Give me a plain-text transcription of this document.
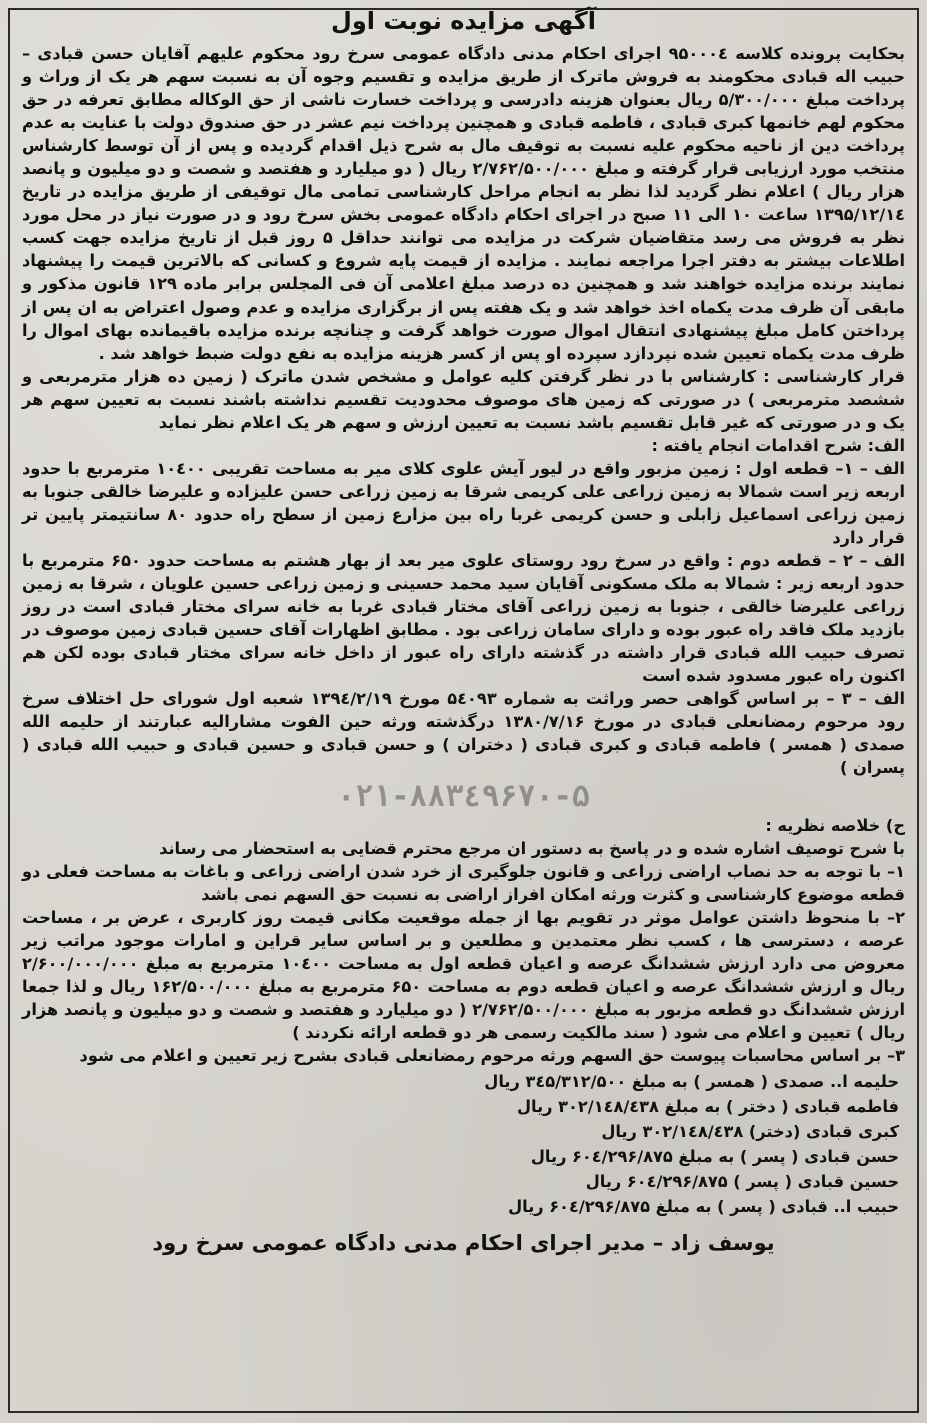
آگهی مزایده نوبت اول

بحکایت پرونده کلاسه ۹۵۰۰۰٤ اجرای احکام مدنی دادگاه عمومی سرخ رود محکوم علیهم آقایان حسن قبادی – حبیب اله قبادی محکومند به فروش ماترک از طریق مزایده و تقسیم وجوه آن به نسبت سهم هر یک از وراث و پرداخت مبلغ ۵/۳۰۰/۰۰۰ ریال بعنوان هزینه دادرسی و پرداخت خسارت ناشی از حق الوکاله مطابق تعرفه در حق محکوم لهم خانمها کبری قبادی ، فاطمه قبادی و همچنین پرداخت نیم عشر در حق صندوق دولت با عنایت به عدم پرداخت دین از ناحیه محکوم علیه نسبت به توقیف مال به شرح ذیل اقدام گردیده و پس از آن توسط کارشناس منتخب مورد ارزیابی قرار گرفته و مبلغ ۲/۷۶۲/۵۰۰/۰۰۰ ریال ( دو میلیارد و هفتصد و شصت و دو میلیون و پانصد هزار ریال ) اعلام نظر گردید لذا نظر به انجام مراحل کارشناسی تمامی مال توقیفی از طریق مزایده در تاریخ ۱۳۹۵/۱۲/۱٤ ساعت ۱۰ الی ۱۱ صبح در اجرای احکام دادگاه عمومی بخش سرخ رود و در صورت نیاز در محل مورد نظر به فروش می رسد متقاضیان شرکت در مزایده می توانند حداقل ۵ روز قبل از تاریخ مزایده جهت کسب اطلاعات بیشتر به دفتر اجرا مراجعه نمایند . مزایده از قیمت پایه شروع و کسانی که بالاترین قیمت را پیشنهاد نمایند برنده مزایده خواهند شد و همچنین ده درصد مبلغ اعلامی آن فی المجلس برابر ماده ۱۲۹ قانون مذکور و مابقی آن ظرف مدت یکماه اخذ خواهد شد و یک هفته پس از برگزاری مزایده و عدم وصول اعتراض به ان پس از پرداختن کامل مبلغ پیشنهادی انتقال اموال صورت خواهد گرفت و چنانچه برنده مزایده باقیمانده بهای اموال را ظرف مدت یکماه تعیین شده نپردازد سپرده او پس از کسر هزینه مزایده به نفع دولت ضبط خواهد شد .

قرار کارشناسی : کارشناس با در نظر گرفتن کلیه عوامل و مشخص شدن ماترک ( زمین ده هزار مترمربعی و ششصد مترمربعی ) در صورتی که زمین های موصوف محدودیت تقسیم نداشته باشند نسبت به تعیین سهم هر یک و در صورتی که غیر قابل تقسیم باشد نسبت به تعیین ارزش و سهم هر یک اعلام نظر نماید

الف: شرح اقدامات انجام یافته :

الف – ۱– قطعه اول : زمین مزبور واقع در لیور آیش علوی کلای میر به مساحت تقریبی ۱۰٤۰۰ مترمربع با حدود اربعه زیر است شمالا به زمین زراعی علی کریمی شرقا به زمین زراعی حسن علیزاده و علیرضا خالقی جنوبا به زمین زراعی اسماعیل زابلی و حسن کریمی غربا راه بین مزارع زمین از سطح راه حدود ۸۰ سانتیمتر پایین تر قرار دارد

الف – ۲ – قطعه دوم : واقع در سرخ رود روستای علوی میر بعد از بهار هشتم به مساحت حدود ۶۵۰ مترمربع با حدود اربعه زیر : شمالا به ملک مسکونی آقایان سید محمد حسینی و زمین زراعی حسین علویان ، شرقا به زمین زراعی علیرضا خالقی ، جنوبا به زمین زراعی آقای مختار قبادی غربا به خانه سرای مختار قبادی است در روز بازدید ملک فاقد راه عبور بوده و دارای سامان زراعی بود . مطابق اظهارات آقای حسین قبادی زمین موصوف در تصرف حبیب الله قبادی قرار داشته در گذشته دارای راه عبور از داخل خانه سرای مختار قبادی بوده لکن هم اکنون راه عبور مسدود شده است

الف – ۳ – بر اساس گواهی حصر وراثت به شماره ۵٤۰۹۳ مورخ ۱۳۹٤/۲/۱۹ شعبه اول شورای حل اختلاف سرخ رود مرحوم رمضانعلی قبادی در مورخ ۱۳۸۰/۷/۱۶ درگذشته ورثه حین الفوت مشارالیه عبارتند از حلیمه الله صمدی ( همسر ) فاطمه قبادی و کبری قبادی ( دختران ) و حسن قبادی و حسین قبادی و حبیب الله قبادی ( پسران )

۰۲۱-۸۸۳٤۹۶۷۰-۵

ح) خلاصه نظریه :

با شرح توصیف اشاره شده و در پاسخ به دستور ان مرجع محترم قضایی به استحضار می رساند

۱– با توجه به حد نصاب اراضی زراعی و قانون جلوگیری از خرد شدن اراضی زراعی و باغات به مساحت فعلی دو قطعه موضوع کارشناسی و کثرت ورثه امکان افراز اراضی به نسبت حق السهم نمی باشد

۲– با منحوظ داشتن عوامل موثر در تقویم بها از جمله موقعیت مکانی قیمت روز کاربری ، عرض بر ، مساحت عرصه ، دسترسی ها ، کسب نظر معتمدین و مطلعین و بر اساس سایر قراین و امارات موجود مراتب زیر معروض می دارد ارزش ششدانگ عرصه و اعیان قطعه اول به مساحت ۱۰٤۰۰ مترمربع به مبلغ ۲/۶۰۰/۰۰۰/۰۰۰ ریال و ارزش ششدانگ عرصه و اعیان قطعه دوم به مساحت ۶۵۰ مترمربع به مبلغ ۱۶۲/۵۰۰/۰۰۰ ریال و لذا جمعا ارزش ششدانگ دو قطعه مزبور به مبلغ ۲/۷۶۲/۵۰۰/۰۰۰ ( دو میلیارد و هفتصد و شصت و دو میلیون و پانصد هزار ریال ) تعیین و اعلام می شود ( سند مالکیت رسمی هر دو قطعه ارائه نکردند )

۳– بر اساس محاسبات پیوست حق السهم ورثه مرحوم رمضانعلی قبادی بشرح زیر تعیین و اعلام می شود

حلیمه ا.. صمدی ( همسر ) به مبلغ ۳٤۵/۳۱۲/۵۰۰ ریال
فاطمه قبادی ( دختر ) به مبلغ ۳۰۲/۱٤۸/٤۳۸ ریال
کبری قبادی (دختر) ۳۰۲/۱٤۸/٤۳۸ ریال
حسن قبادی ( پسر ) به مبلغ ۶۰٤/۲۹۶/۸۷۵ ریال
حسین قبادی ( پسر ) ۶۰٤/۲۹۶/۸۷۵ ریال
حبیب ا.. قبادی ( پسر ) به مبلغ ۶۰٤/۲۹۶/۸۷۵ ریال
یوسف زاد – مدیر اجرای احکام مدنی دادگاه عمومی سرخ رود
